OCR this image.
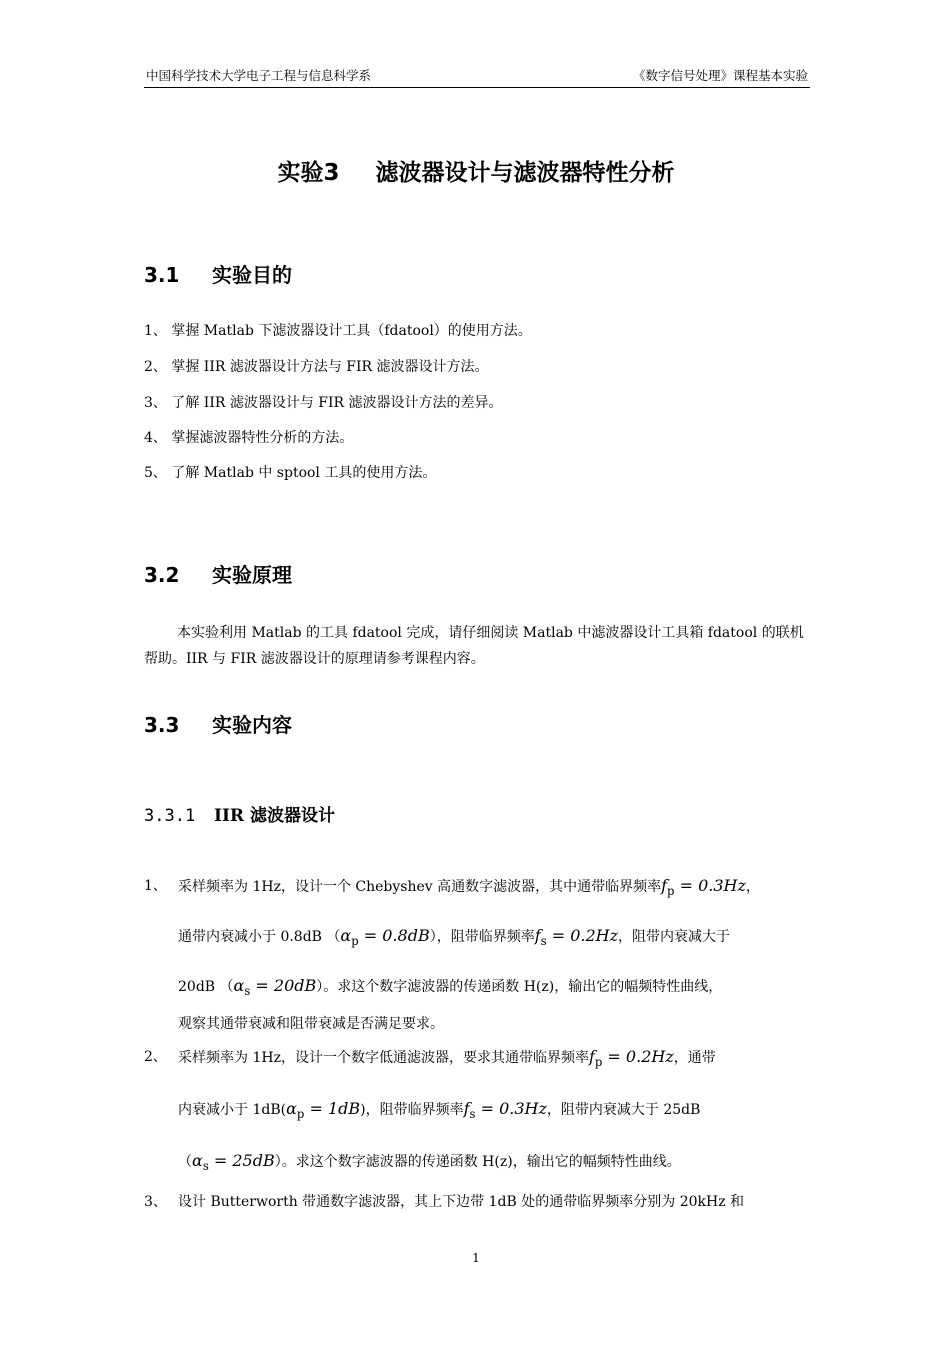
中国科学技术大学电子工程与信息科学系	《数字信号处理》课程基本实验
实验3 滤波器设计与滤波器特性分析
3.1 实验目的
1、 掌握 Matlab 下滤波器设计工具（fdatool）的使用方法。
2、 掌握 IIR 滤波器设计方法与 FIR 滤波器设计方法。
3、 了解 IIR 滤波器设计与 FIR 滤波器设计方法的差异。
4、 掌握滤波器特性分析的方法。
5、 了解 Matlab 中 sptool 工具的使用方法。
3.2 实验原理
本实验利用 Matlab 的工具 fdatool 完成，请仔细阅读 Matlab 中滤波器设计工具箱 fdatool 的联机帮助。IIR 与 FIR 滤波器设计的原理请参考课程内容。
3.3 实验内容
3.3.1 IIR 滤波器设计
1、 采样频率为 1Hz，设计一个 Chebyshev 高通数字滤波器，其中通带临界频率$f_p = 0.3Hz$，
通带内衰减小于 0.8dB $(\alpha_p = 0.8dB)$，阻带临界频率$f_s = 0.2Hz$，阻带内衰减大于
20dB $(\alpha_s = 20dB)$。求这个数字滤波器的传递函数 H(z)，输出它的幅频特性曲线，
观察其通带衰减和阻带衰减是否满足要求。
2、 采样频率为 1Hz，设计一个数字低通滤波器，要求其通带临界频率$f_p = 0.2Hz$，通带
内衰减小于 $1dB(\alpha_p = 1dB)$，阻带临界频率$f_s = 0.3Hz$，阻带内衰减大于 25dB
$(\alpha_s = 25dB)$。求这个数字滤波器的传递函数 H(z)，输出它的幅频特性曲线。
3、 设计 Butterworth 带通数字滤波器，其上下边带 1dB 处的通带临界频率分别为 20kHz 和
1
